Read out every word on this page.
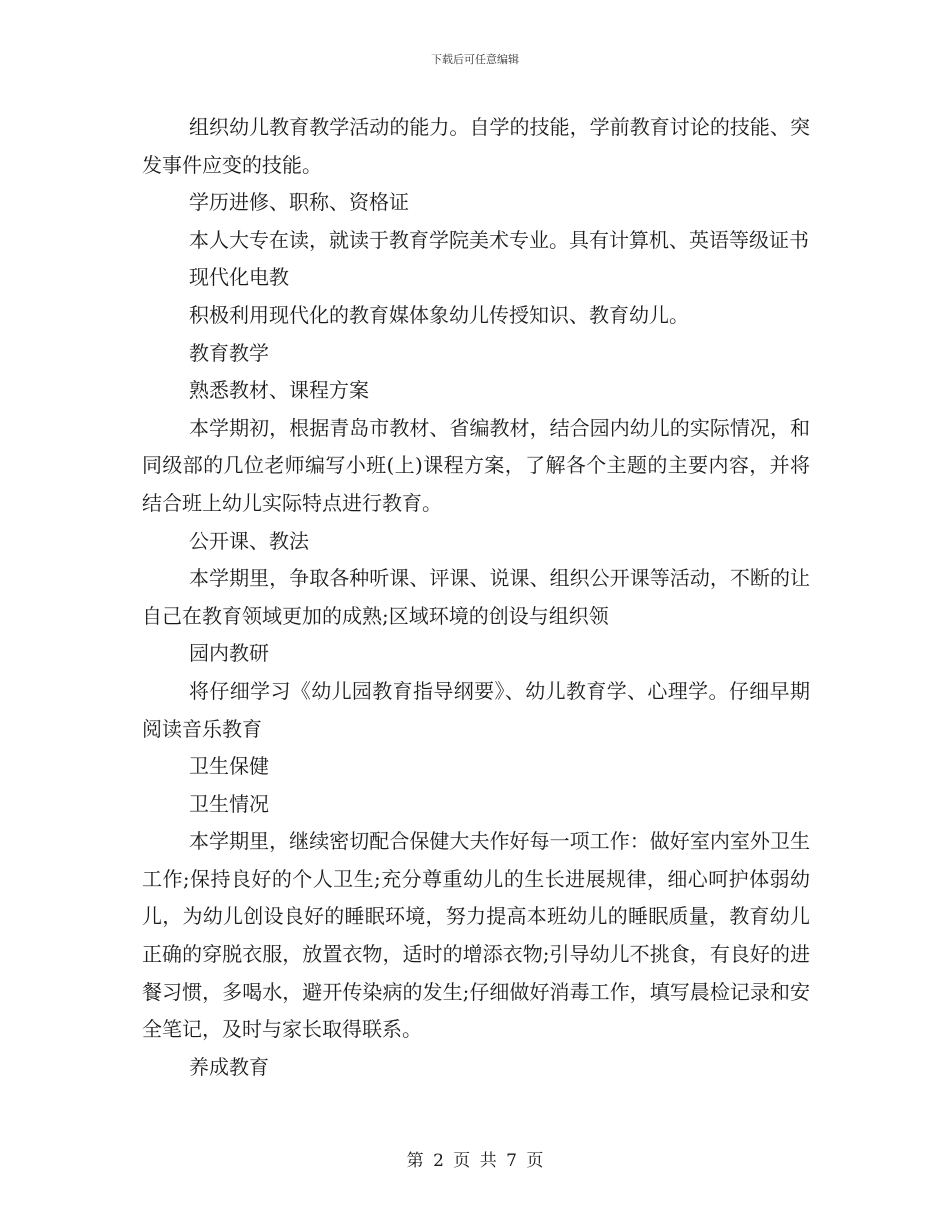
下载后可任意编辑

组织幼儿教育教学活动的能力。自学的技能，学前教育讨论的技能、突发事件应变的技能。

学历进修、职称、资格证

本人大专在读，就读于教育学院美术专业。具有计算机、英语等级证书

现代化电教

积极利用现代化的教育媒体象幼儿传授知识、教育幼儿。

教育教学

熟悉教材、课程方案

本学期初，根据青岛市教材、省编教材，结合园内幼儿的实际情况，和同级部的几位老师编写小班(上)课程方案，了解各个主题的主要内容，并将结合班上幼儿实际特点进行教育。

公开课、教法

本学期里，争取各种听课、评课、说课、组织公开课等活动，不断的让自己在教育领域更加的成熟;区域环境的创设与组织领

园内教研

将仔细学习《幼儿园教育指导纲要》、幼儿教育学、心理学。仔细早期阅读音乐教育

卫生保健

卫生情况

本学期里，继续密切配合保健大夫作好每一项工作：做好室内室外卫生工作;保持良好的个人卫生;充分尊重幼儿的生长进展规律，细心呵护体弱幼儿，为幼儿创设良好的睡眠环境，努力提高本班幼儿的睡眠质量，教育幼儿正确的穿脱衣服，放置衣物，适时的增添衣物;引导幼儿不挑食，有良好的进餐习惯，多喝水，避开传染病的发生;仔细做好消毒工作，填写晨检记录和安全笔记，及时与家长取得联系。

养成教育

第 2 页 共 7 页
